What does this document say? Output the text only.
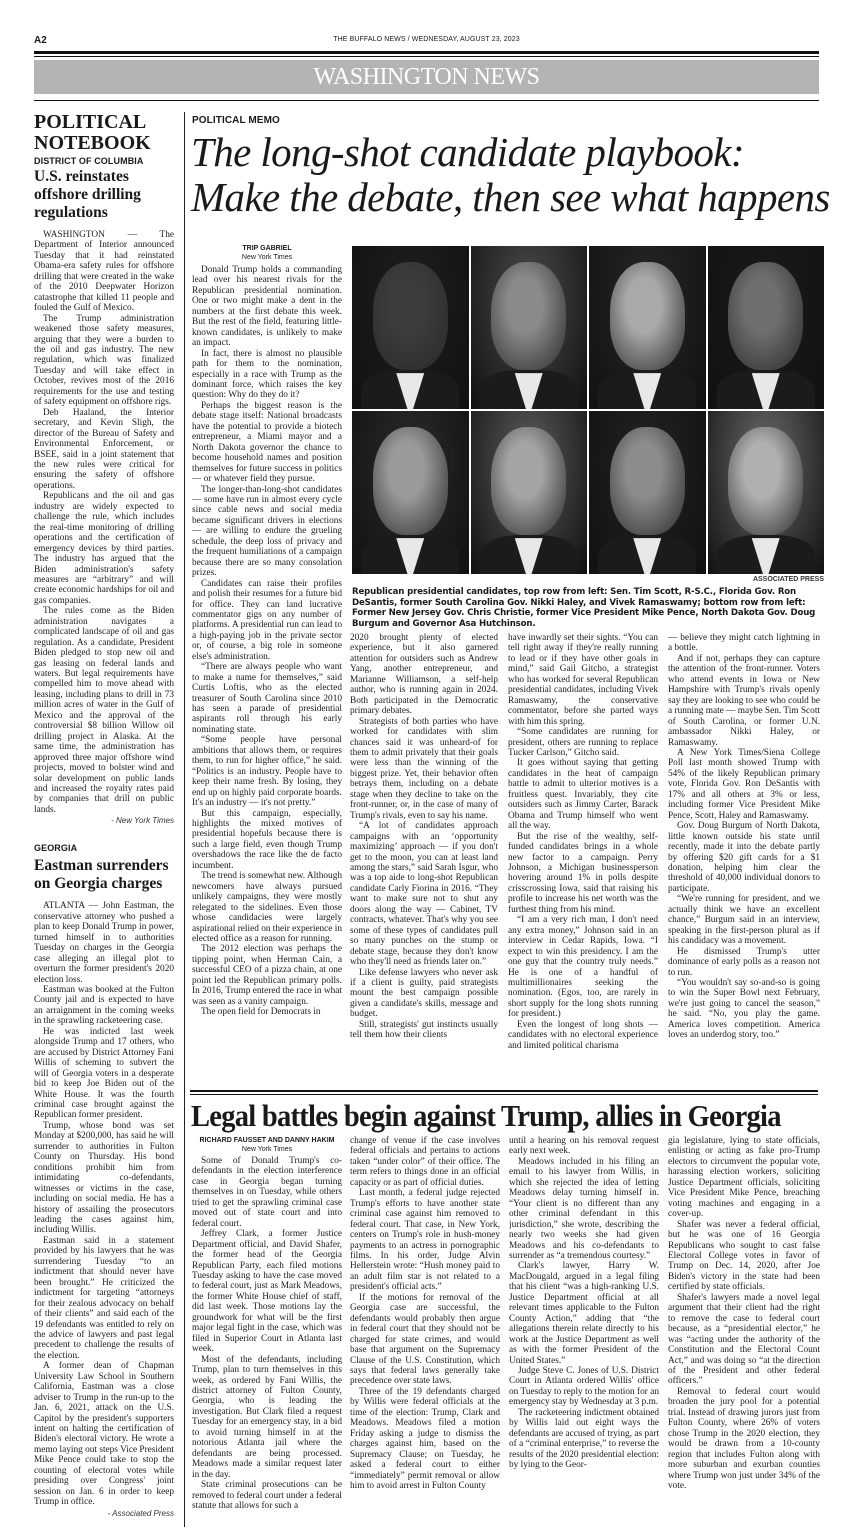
A2	THE BUFFALO NEWS / WEDNESDAY, AUGUST 23, 2023
WASHINGTON NEWS
POLITICAL
NOTEBOOK
DISTRICT OF COLUMBIA
U.S. reinstates offshore drilling regulations

WASHINGTON — The Department of Interior announced Tuesday that it had reinstated Obama-era safety rules for offshore drilling that were created in the wake of the 2010 Deepwater Horizon catastrophe that killed 11 people and fouled the Gulf of Mexico.

The Trump administration weakened those safety measures, arguing that they were a burden to the oil and gas industry. The new regulation, which was finalized Tuesday and will take effect in October, revives most of the 2016 requirements for the use and testing of safety equipment on offshore rigs.

Deb Haaland, the Interior secretary, and Kevin Sligh, the director of the Bureau of Safety and Environmental Enforcement, or BSEE, said in a joint statement that the new rules were critical for ensuring the safety of offshore operations.

Republicans and the oil and gas industry are widely expected to challenge the rule, which includes the real-time monitoring of drilling operations and the certification of emergency devices by third parties. The industry has argued that the Biden administration's safety measures are “arbitrary” and will create economic hardships for oil and gas companies.

The rules come as the Biden administration navigates a complicated landscape of oil and gas regulation. As a candidate, President Biden pledged to stop new oil and gas leasing on federal lands and waters. But legal requirements have compelled him to move ahead with leasing, including plans to drill in 73 million acres of water in the Gulf of Mexico and the approval of the controversial $8 billion Willow oil drilling project in Alaska. At the same time, the administration has approved three major offshore wind projects, moved to bolster wind and solar development on public lands and increased the royalty rates paid by companies that drill on public lands.

- New York Times
GEORGIA
Eastman surrenders on Georgia charges

ATLANTA — John Eastman, the conservative attorney who pushed a plan to keep Donald Trump in power, turned himself in to authorities Tuesday on charges in the Georgia case alleging an illegal plot to overturn the former president's 2020 election loss.

Eastman was booked at the Fulton County jail and is expected to have an arraignment in the coming weeks in the sprawling racketeering case.

He was indicted last week alongside Trump and 17 others, who are accused by District Attorney Fani Willis of scheming to subvert the will of Georgia voters in a desperate bid to keep Joe Biden out of the White House. It was the fourth criminal case brought against the Republican former president.

Trump, whose bond was set Monday at $200,000, has said he will surrender to authorities in Fulton County on Thursday. His bond conditions prohibit him from intimidating co-defendants, witnesses or victims in the case, including on social media. He has a history of assailing the prosecutors leading the cases against him, including Willis.

Eastman said in a statement provided by his lawyers that he was surrendering Tuesday “to an indictment that should never have been brought.” He criticized the indictment for targeting “attorneys for their zealous advocacy on behalf of their clients” and said each of the 19 defendants was entitled to rely on the advice of lawyers and past legal precedent to challenge the results of the election.

A former dean of Chapman University Law School in Southern California, Eastman was a close adviser to Trump in the run-up to the Jan. 6, 2021, attack on the U.S. Capitol by the president's supporters intent on halting the certification of Biden's electoral victory. He wrote a memo laying out steps Vice President Mike Pence could take to stop the counting of electoral votes while presiding over Congress' joint session on Jan. 6 in order to keep Trump in office.

- Associated Press
POLITICAL MEMO
The long-shot candidate playbook:
Make the debate, then see what happens
TRIP GABRIEL
New York Times

Donald Trump holds a commanding lead over his nearest rivals for the Republican presidential nomination. One or two might make a dent in the numbers at the first debate this week. But the rest of the field, featuring little-known candidates, is unlikely to make an impact.

In fact, there is almost no plausible path for them to the nomination, especially in a race with Trump as the dominant force, which raises the key question: Why do they do it?

Perhaps the biggest reason is the debate stage itself: National broadcasts have the potential to provide a biotech entrepreneur, a Miami mayor and a North Dakota governor the chance to become household names and position themselves for future success in politics — or whatever field they pursue.

The longer-than-long-shot candidates — some have run in almost every cycle since cable news and social media became significant drivers in elections — are willing to endure the grueling schedule, the deep loss of privacy and the frequent humiliations of a campaign because there are so many consolation prizes.

Candidates can raise their profiles and polish their resumes for a future bid for office. They can land lucrative commentator gigs on any number of platforms. A presidential run can lead to a high-paying job in the private sector or, of course, a big role in someone else's administration.

“There are always people who want to make a name for themselves,” said Curtis Loftis, who as the elected treasurer of South Carolina since 2010 has seen a parade of presidential aspirants roll through his early nominating state.

“Some people have personal ambitions that allows them, or requires them, to run for higher office,” he said. “Politics is an industry. People have to keep their name fresh. By losing, they end up on highly paid corporate boards. It's an industry — it's not pretty.”

But this campaign, especially, highlights the mixed motives of presidential hopefuls because there is such a large field, even though Trump overshadows the race like the de facto incumbent.

The trend is somewhat new. Although newcomers have always pursued unlikely campaigns, they were mostly relegated to the sidelines. Even those whose candidacies were largely aspirational relied on their experience in elected office as a reason for running.

The 2012 election was perhaps the tipping point, when Herman Cain, a successful CEO of a pizza chain, at one point led the Republican primary polls. In 2016, Trump entered the race in what was seen as a vanity campaign.

The open field for Democrats in

ASSOCIATED PRESS
Republican presidential candidates, top row from left: Sen. Tim Scott, R-S.C., Florida Gov. Ron DeSantis, former South Carolina Gov. Nikki Haley, and Vivek Ramaswamy; bottom row from left: Former New Jersey Gov. Chris Christie, former Vice President Mike Pence, North Dakota Gov. Doug Burgum and Governor Asa Hutchinson.

2020 brought plenty of elected experience, but it also garnered attention for outsiders such as Andrew Yang, another entrepreneur, and Marianne Williamson, a self-help author, who is running again in 2024. Both participated in the Democratic primary debates.

Strategists of both parties who have worked for candidates with slim chances said it was unheard-of for them to admit privately that their goals were less than the winning of the biggest prize. Yet, their behavior often betrays them, including on a debate stage when they decline to take on the front-runner, or, in the case of many of Trump's rivals, even to say his name.

“A lot of candidates approach campaigns with an ‘opportunity maximizing’ approach — if you don't get to the moon, you can at least land among the stars,” said Sarah Isgur, who was a top aide to long-shot Republican candidate Carly Fiorina in 2016. “They want to make sure not to shut any doors along the way — Cabinet, TV contracts, whatever. That's why you see some of these types of candidates pull so many punches on the stump or debate stage, because they don't know who they'll need as friends later on.”

Like defense lawyers who never ask if a client is guilty, paid strategists mount the best campaign possible given a candidate's skills, message and budget.

Still, strategists' gut instincts usually tell them how their clients

have inwardly set their sights. “You can tell right away if they're really running to lead or if they have other goals in mind,” said Gail Gitcho, a strategist who has worked for several Republican presidential candidates, including Vivek Ramaswamy, the conservative commentator, before she parted ways with him this spring.

“Some candidates are running for president, others are running to replace Tucker Carlson,” Gitcho said.

It goes without saying that getting candidates in the heat of campaign battle to admit to ulterior motives is a fruitless quest. Invariably, they cite outsiders such as Jimmy Carter, Barack Obama and Trump himself who went all the way.

But the rise of the wealthy, self-funded candidates brings in a whole new factor to a campaign. Perry Johnson, a Michigan businessperson hovering around 1% in polls despite crisscrossing Iowa, said that raising his profile to increase his net worth was the furthest thing from his mind.

“I am a very rich man, I don't need any extra money,” Johnson said in an interview in Cedar Rapids, Iowa. “I expect to win this presidency. I am the one guy that the country truly needs.” He is one of a handful of multimillionaires seeking the nomination. (Egos, too, are rarely in short supply for the long shots running for president.)

Even the longest of long shots — candidates with no electoral experience and limited political charisma

— believe they might catch lightning in a bottle.

And if not, perhaps they can capture the attention of the front-runner. Voters who attend events in Iowa or New Hampshire with Trump's rivals openly say they are looking to see who could be a running mate — maybe Sen. Tim Scott of South Carolina, or former U.N. ambassador Nikki Haley, or Ramaswamy.

A New York Times/Siena College Poll last month showed Trump with 54% of the likely Republican primary vote, Florida Gov. Ron DeSantis with 17% and all others at 3% or less, including former Vice President Mike Pence, Scott, Haley and Ramaswamy.

Gov. Doug Burgum of North Dakota, little known outside his state until recently, made it into the debate partly by offering $20 gift cards for a $1 donation, helping him clear the threshold of 40,000 individual donors to participate.

“We're running for president, and we actually think we have an excellent chance,” Burgum said in an interview, speaking in the first-person plural as if his candidacy was a movement.

He dismissed Trump's utter dominance of early polls as a reason not to run.

“You wouldn't say so-and-so is going to win the Super Bowl next February, we're just going to cancel the season,” he said. “No, you play the game. America loves competition. America loves an underdog story, too.”

Legal battles begin against Trump, allies in Georgia
RICHARD FAUSSET AND DANNY HAKIM
New York Times

Some of Donald Trump's co-defendants in the election interference case in Georgia began turning themselves in on Tuesday, while others tried to get the sprawling criminal case moved out of state court and into federal court.

Jeffrey Clark, a former Justice Department official, and David Shafer, the former head of the Georgia Republican Party, each filed motions Tuesday asking to have the case moved to federal court, just as Mark Meadows, the former White House chief of staff, did last week. Those motions lay the groundwork for what will be the first major legal fight in the case, which was filed in Superior Court in Atlanta last week.

Most of the defendants, including Trump, plan to turn themselves in this week, as ordered by Fani Willis, the district attorney of Fulton County, Georgia, who is leading the investigation. But Clark filed a request Tuesday for an emergency stay, in a bid to avoid turning himself in at the notorious Atlanta jail where the defendants are being processed. Meadows made a similar request later in the day.

State criminal prosecutions can be removed to federal court under a federal statute that allows for such a

change of venue if the case involves federal officials and pertains to actions taken “under color” of their office. The term refers to things done in an official capacity or as part of official duties.

Last month, a federal judge rejected Trump's efforts to have another state criminal case against him removed to federal court. That case, in New York, centers on Trump's role in hush-money payments to an actress in pornographic films. In his order, Judge Alvin Hellerstein wrote: “Hush money paid to an adult film star is not related to a president's official acts.”

If the motions for removal of the Georgia case are successful, the defendants would probably then argue in federal court that they should not be charged for state crimes, and would base that argument on the Supremacy Clause of the U.S. Constitution, which says that federal laws generally take precedence over state laws.

Three of the 19 defendants charged by Willis were federal officials at the time of the election: Trump, Clark and Meadows. Meadows filed a motion Friday asking a judge to dismiss the charges against him, based on the Supremacy Clause; on Tuesday, he asked a federal court to either “immediately” permit removal or allow him to avoid arrest in Fulton County

until a hearing on his removal request early next week.

Meadows included in his filing an email to his lawyer from Willis, in which she rejected the idea of letting Meadows delay turning himself in. “Your client is no different than any other criminal defendant in this jurisdiction,” she wrote, describing the nearly two weeks she had given Meadows and his co-defendants to surrender as “a tremendous courtesy.”

Clark's lawyer, Harry W. MacDougald, argued in a legal filing that his client “was a high-ranking U.S. Justice Department official at all relevant times applicable to the Fulton County Action,” adding that “the allegations therein relate directly to his work at the Justice Department as well as with the former President of the United States.”

Judge Steve C. Jones of U.S. District Court in Atlanta ordered Willis' office on Tuesday to reply to the motion for an emergency stay by Wednesday at 3 p.m.

The racketeering indictment obtained by Willis laid out eight ways the defendants are accused of trying, as part of a “criminal enterprise,” to reverse the results of the 2020 presidential election: by lying to the Geor-

gia legislature, lying to state officials, enlisting or acting as fake pro-Trump electors to circumvent the popular vote, harassing election workers, soliciting Justice Department officials, soliciting Vice President Mike Pence, breaching voting machines and engaging in a cover-up.

Shafer was never a federal official, but he was one of 16 Georgia Republicans who sought to cast false Electoral College votes in favor of Trump on Dec. 14, 2020, after Joe Biden's victory in the state had been certified by state officials.

Shafer's lawyers made a novel legal argument that their client had the right to remove the case to federal court because, as a “presidential elector,” he was “acting under the authority of the Constitution and the Electoral Count Act,” and was doing so “at the direction of the President and other federal officers.”

Removal to federal court would broaden the jury pool for a potential trial. Instead of drawing jurors just from Fulton County, where 26% of voters chose Trump in the 2020 election, they would be drawn from a 10-county region that includes Fulton along with more suburban and exurban counties where Trump won just under 34% of the vote.
